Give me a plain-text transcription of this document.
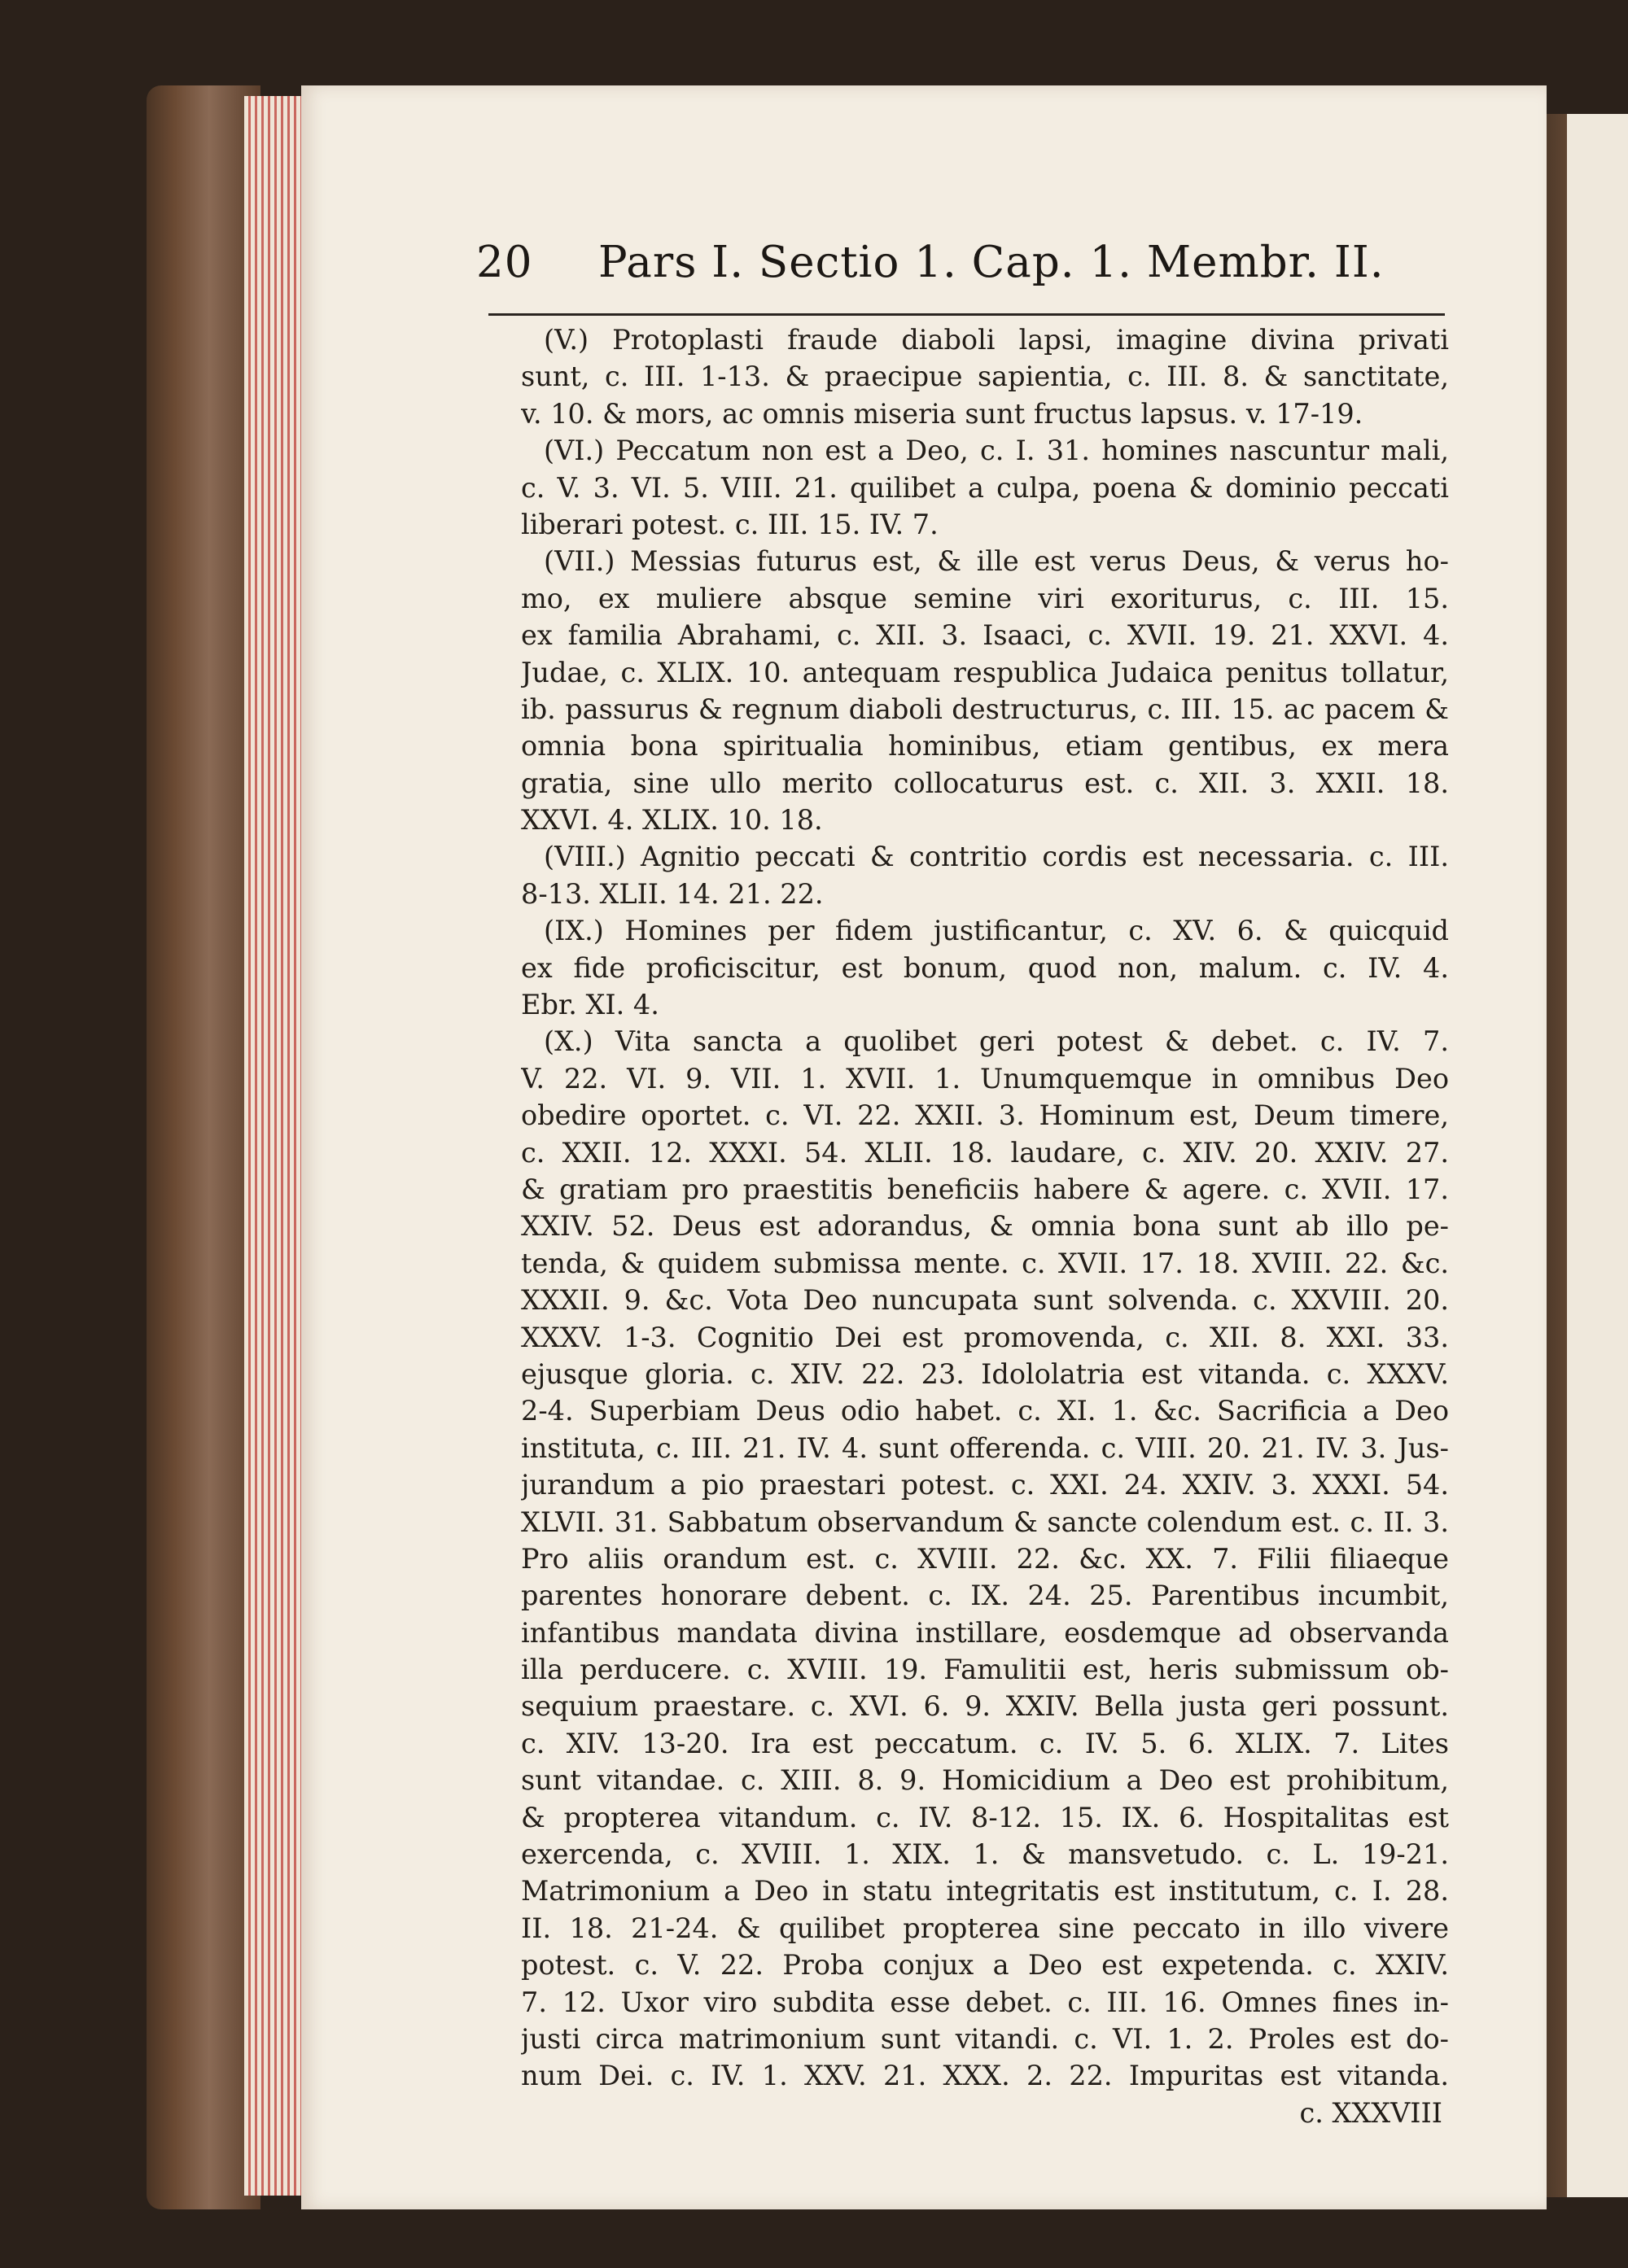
20 Pars I. Sectio 1. Cap. 1. Membr. II.
(V.) Protoplasti fraude diaboli lapsi, imagine divina privati
sunt, c. III. 1-13. & praecipue sapientia, c. III. 8. & sanctitate,
v. 10. & mors, ac omnis miseria sunt fructus lapsus. v. 17-19.
(VI.) Peccatum non est a Deo, c. I. 31. homines nascuntur mali,
c. V. 3. VI. 5. VIII. 21. quilibet a culpa, poena & dominio peccati
liberari potest. c. III. 15. IV. 7.
(VII.) Messias futurus est, & ille est verus Deus, & verus ho-
mo, ex muliere absque semine viri exoriturus, c. III. 15.
ex familia Abrahami, c. XII. 3. Isaaci, c. XVII. 19. 21. XXVI. 4.
Judae, c. XLIX. 10. antequam respublica Judaica penitus tollatur,
ib. passurus & regnum diaboli destructurus, c. III. 15. ac pacem &
omnia bona spiritualia hominibus, etiam gentibus, ex mera
gratia, sine ullo merito collocaturus est. c. XII. 3. XXII. 18.
XXVI. 4. XLIX. 10. 18.
(VIII.) Agnitio peccati & contritio cordis est necessaria. c. III.
8-13. XLII. 14. 21. 22.
(IX.) Homines per fidem justificantur, c. XV. 6. & quicquid
ex fide proficiscitur, est bonum, quod non, malum. c. IV. 4.
Ebr. XI. 4.
(X.) Vita sancta a quolibet geri potest & debet. c. IV. 7.
V. 22. VI. 9. VII. 1. XVII. 1. Unumquemque in omnibus Deo
obedire oportet. c. VI. 22. XXII. 3. Hominum est, Deum timere,
c. XXII. 12. XXXI. 54. XLII. 18. laudare, c. XIV. 20. XXIV. 27.
& gratiam pro praestitis beneficiis habere & agere. c. XVII. 17.
XXIV. 52. Deus est adorandus, & omnia bona sunt ab illo pe-
tenda, & quidem submissa mente. c. XVII. 17. 18. XVIII. 22. &c.
XXXII. 9. &c. Vota Deo nuncupata sunt solvenda. c. XXVIII. 20.
XXXV. 1-3. Cognitio Dei est promovenda, c. XII. 8. XXI. 33.
ejusque gloria. c. XIV. 22. 23. Idololatria est vitanda. c. XXXV.
2-4. Superbiam Deus odio habet. c. XI. 1. &c. Sacrificia a Deo
instituta, c. III. 21. IV. 4. sunt offerenda. c. VIII. 20. 21. IV. 3. Jus-
jurandum a pio praestari potest. c. XXI. 24. XXIV. 3. XXXI. 54.
XLVII. 31. Sabbatum observandum & sancte colendum est. c. II. 3.
Pro aliis orandum est. c. XVIII. 22. &c. XX. 7. Filii filiaeque
parentes honorare debent. c. IX. 24. 25. Parentibus incumbit,
infantibus mandata divina instillare, eosdemque ad observanda
illa perducere. c. XVIII. 19. Famulitii est, heris submissum ob-
sequium praestare. c. XVI. 6. 9. XXIV. Bella justa geri possunt.
c. XIV. 13-20. Ira est peccatum. c. IV. 5. 6. XLIX. 7. Lites
sunt vitandae. c. XIII. 8. 9. Homicidium a Deo est prohibitum,
& propterea vitandum. c. IV. 8-12. 15. IX. 6. Hospitalitas est
exercenda, c. XVIII. 1. XIX. 1. & mansvetudo. c. L. 19-21.
Matrimonium a Deo in statu integritatis est institutum, c. I. 28.
II. 18. 21-24. & quilibet propterea sine peccato in illo vivere
potest. c. V. 22. Proba conjux a Deo est expetenda. c. XXIV.
7. 12. Uxor viro subdita esse debet. c. III. 16. Omnes fines in-
justi circa matrimonium sunt vitandi. c. VI. 1. 2. Proles est do-
num Dei. c. IV. 1. XXV. 21. XXX. 2. 22. Impuritas est vitanda.
c. XXXVIII
